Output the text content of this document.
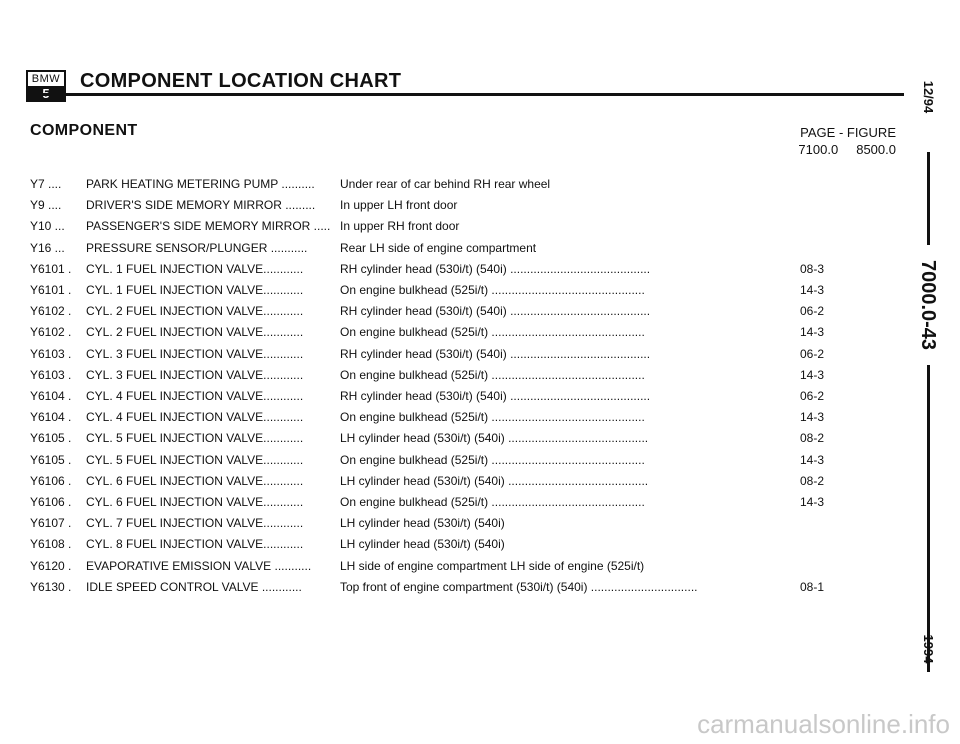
BMW COMPONENT LOCATION CHART
COMPONENT	PAGE - FIGURE
7100.0     8500.0
Y7 ....	PARK HEATING METERING PUMP ..........	Under rear of car behind RH rear wheel
Y9 ....	DRIVER'S SIDE MEMORY MIRROR .........	In upper LH front door
Y10 ...	PASSENGER'S SIDE MEMORY MIRROR ..... In upper RH front door
Y16 ...	PRESSURE SENSOR/PLUNGER ...........	Rear LH side of engine compartment
Y6101 .	CYL. 1 FUEL INJECTION VALVE............	RH cylinder head (530i/t) (540i) ..........................................	08-3
Y6101 .	CYL. 1 FUEL INJECTION VALVE............	On engine bulkhead (525i/t) ..............................................	14-3
Y6102 .	CYL. 2 FUEL INJECTION VALVE............	RH cylinder head (530i/t) (540i) ..........................................	06-2
Y6102 .	CYL. 2 FUEL INJECTION VALVE............	On engine bulkhead (525i/t) ..............................................	14-3
Y6103 .	CYL. 3 FUEL INJECTION VALVE............	RH cylinder head (530i/t) (540i) ..........................................	06-2
Y6103 .	CYL. 3 FUEL INJECTION VALVE............	On engine bulkhead (525i/t) ..............................................	14-3
Y6104 .	CYL. 4 FUEL INJECTION VALVE............	RH cylinder head (530i/t) (540i) ..........................................	06-2
Y6104 .	CYL. 4 FUEL INJECTION VALVE............	On engine bulkhead (525i/t) ..............................................	14-3
Y6105 .	CYL. 5 FUEL INJECTION VALVE............	LH cylinder head (530i/t) (540i) ..........................................	08-2
Y6105 .	CYL. 5 FUEL INJECTION VALVE............	On engine bulkhead (525i/t) ..............................................	14-3
Y6106 .	CYL. 6 FUEL INJECTION VALVE............	LH cylinder head (530i/t) (540i) ..........................................	08-2
Y6106 .	CYL. 6 FUEL INJECTION VALVE............	On engine bulkhead (525i/t) ..............................................	14-3
Y6107 .	CYL. 7 FUEL INJECTION VALVE............	LH cylinder head (530i/t) (540i)
Y6108 .	CYL. 8 FUEL INJECTION VALVE............	LH cylinder head (530i/t) (540i)
Y6120 .	EVAPORATIVE EMISSION VALVE ...........	LH side of engine compartment LH side of engine (525i/t)
Y6130 .	IDLE SPEED CONTROL VALVE ............	Top front of engine compartment (530i/t) (540i) ................................	08-1
12/94
7000.0-43
1994
carmanualsonline.info
